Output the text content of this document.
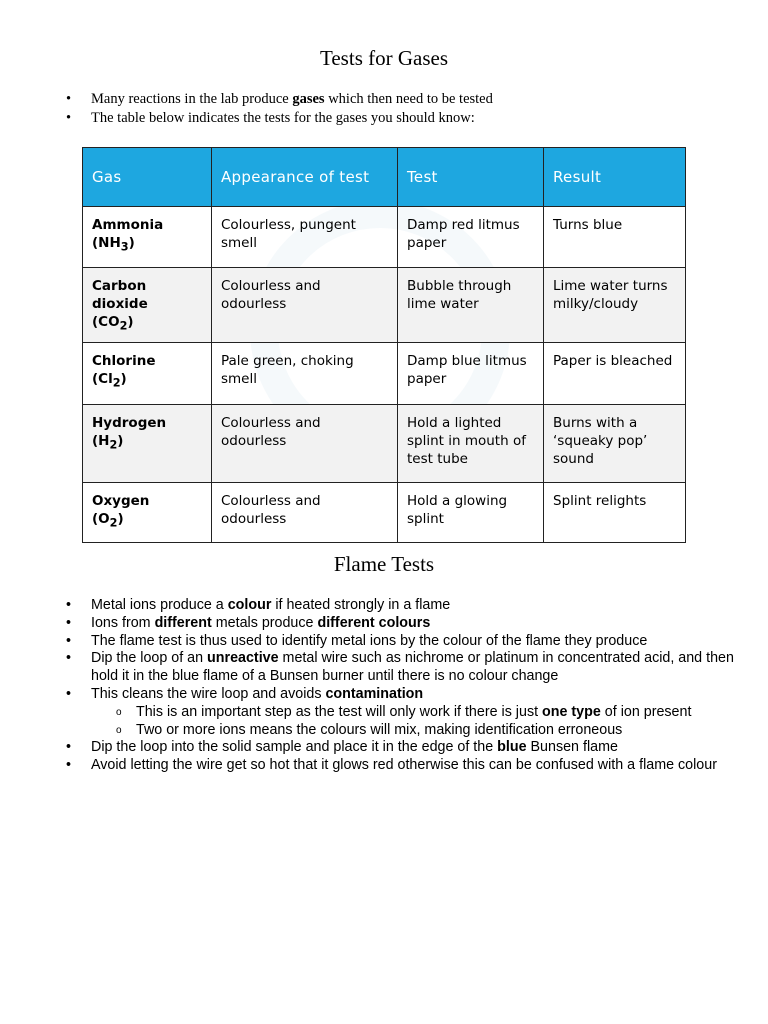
Tests for Gases
• Many reactions in the lab produce gases which then need to be tested
• The table below indicates the tests for the gases you should know:
Gas	Appearance of test	Test	Result
Ammonia
$(NH_3)$	Colourless, pungent smell	Damp red litmus paper	Turns blue
Carbon dioxide
$(CO_2)$	Colourless and odourless	Bubble through lime water	Lime water turns milky/cloudy
Chlorine
$(Cl_2)$	Pale green, choking smell	Damp blue litmus paper	Paper is bleached
Hydrogen
$(H_2)$	Colourless and odourless	Hold a lighted splint in mouth of test tube	Burns with a ‘squeaky pop’ sound
Oxygen
$(O_2)$	Colourless and odourless	Hold a glowing splint	Splint relights
Flame Tests
• Metal ions produce a colour if heated strongly in a flame
• Ions from different metals produce different colours
• The flame test is thus used to identify metal ions by the colour of the flame they produce
• Dip the loop of an unreactive metal wire such as nichrome or platinum in concentrated acid, and then hold it in the blue flame of a Bunsen burner until there is no colour change
• This cleans the wire loop and avoids contamination
o This is an important step as the test will only work if there is just one type of ion present
o Two or more ions means the colours will mix, making identification erroneous
• Dip the loop into the solid sample and place it in the edge of the blue Bunsen flame
• Avoid letting the wire get so hot that it glows red otherwise this can be confused with a flame colour
